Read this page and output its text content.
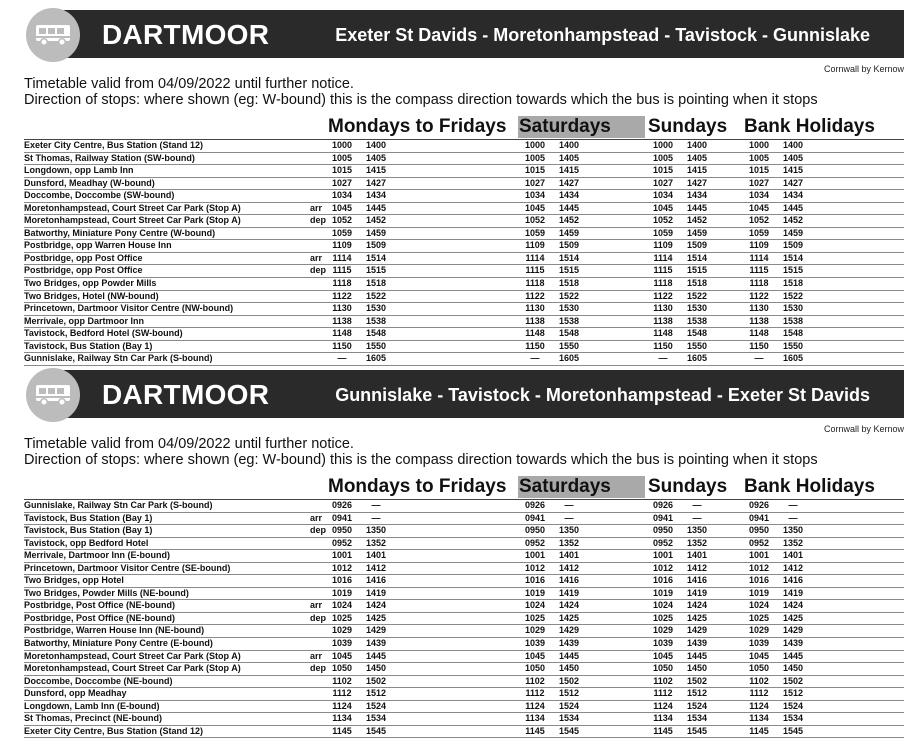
DARTMOOR	Exeter St Davids - Moretonhampstead - Tavistock - Gunnislake
Cornwall by Kernow
Timetable valid from 04/09/2022 until further notice.
Direction of stops: where shown (eg: W-bound) this is the compass direction towards which the bus is pointing when it stops
Mondays to Fridays Saturdays	Sundays Bank Holidays
Exeter City Centre, Bus Station (Stand 12)	1000	1400	1000	1400	1000	1400	1000	1400
St Thomas, Railway Station (SW-bound)	1005	1405	1005	1405	1005	1405	1005	1405
Longdown, opp Lamb Inn	1015	1415	1015	1415	1015	1415	1015	1415
Dunsford, Meadhay (W-bound)	1027	1427	1027	1427	1027	1427	1027	1427
Doccombe, Doccombe (SW-bound)	1034	1434	1034	1434	1034	1434	1034	1434
Moretonhampstead, Court Street Car Park (Stop A)	arr	1045	1445	1045	1445	1045	1445	1045	1445
Moretonhampstead, Court Street Car Park (Stop A)	dep 1052	1452	1052	1452	1052	1452	1052	1452
Batworthy, Miniature Pony Centre (W-bound)	1059	1459	1059	1459	1059	1459	1059	1459
Postbridge, opp Warren House Inn	1109	1509	1109	1509	1109	1509	1109	1509
Postbridge, opp Post Office	arr	1114	1514	1114	1514	1114	1514	1114	1514
Postbridge, opp Post Office	dep 1115	1515	1115	1515	1115	1515	1115	1515
Two Bridges, opp Powder Mills	1118	1518	1118	1518	1118	1518	1118	1518
Two Bridges, Hotel (NW-bound)	1122	1522	1122	1522	1122	1522	1122	1522
Princetown, Dartmoor Visitor Centre (NW-bound)	1130	1530	1130	1530	1130	1530	1130	1530
Merrivale, opp Dartmoor Inn	1138	1538	1138	1538	1138	1538	1138	1538
Tavistock, Bedford Hotel (SW-bound)	1148	1548	1148	1548	1148	1548	1148	1548
Tavistock, Bus Station (Bay 1)	1150	1550	1150	1550	1150	1550	1150	1550
Gunnislake, Railway Stn Car Park (S-bound)	—	1605	—	1605	—	1605	—	1605
DARTMOOR	Gunnislake - Tavistock - Moretonhampstead - Exeter St Davids
Cornwall by Kernow
Timetable valid from 04/09/2022 until further notice.
Direction of stops: where shown (eg: W-bound) this is the compass direction towards which the bus is pointing when it stops
Mondays to Fridays Saturdays	Sundays Bank Holidays
Gunnislake, Railway Stn Car Park (S-bound)	0926	—	0926	—	0926	—	0926	—
Tavistock, Bus Station (Bay 1)	arr	0941	—	0941	—	0941	—	0941	—
Tavistock, Bus Station (Bay 1)	dep 0950	1350	0950	1350	0950	1350	0950	1350
Tavistock, opp Bedford Hotel	0952	1352	0952	1352	0952	1352	0952	1352
Merrivale, Dartmoor Inn (E-bound)	1001	1401	1001	1401	1001	1401	1001	1401
Princetown, Dartmoor Visitor Centre (SE-bound)	1012	1412	1012	1412	1012	1412	1012	1412
Two Bridges, opp Hotel	1016	1416	1016	1416	1016	1416	1016	1416
Two Bridges, Powder Mills (NE-bound)	1019	1419	1019	1419	1019	1419	1019	1419
Postbridge, Post Office (NE-bound)	arr	1024	1424	1024	1424	1024	1424	1024	1424
Postbridge, Post Office (NE-bound)	dep 1025	1425	1025	1425	1025	1425	1025	1425
Postbridge, Warren House Inn (NE-bound)	1029	1429	1029	1429	1029	1429	1029	1429
Batworthy, Miniature Pony Centre (E-bound)	1039	1439	1039	1439	1039	1439	1039	1439
Moretonhampstead, Court Street Car Park (Stop A)	arr	1045	1445	1045	1445	1045	1445	1045	1445
Moretonhampstead, Court Street Car Park (Stop A)	dep 1050	1450	1050	1450	1050	1450	1050	1450
Doccombe, Doccombe (NE-bound)	1102	1502	1102	1502	1102	1502	1102	1502
Dunsford, opp Meadhay	1112	1512	1112	1512	1112	1512	1112	1512
Longdown, Lamb Inn (E-bound)	1124	1524	1124	1524	1124	1524	1124	1524
St Thomas, Precinct (NE-bound)	1134	1534	1134	1534	1134	1534	1134	1534
Exeter City Centre, Bus Station (Stand 12)	1145	1545	1145	1545	1145	1545	1145	1545
